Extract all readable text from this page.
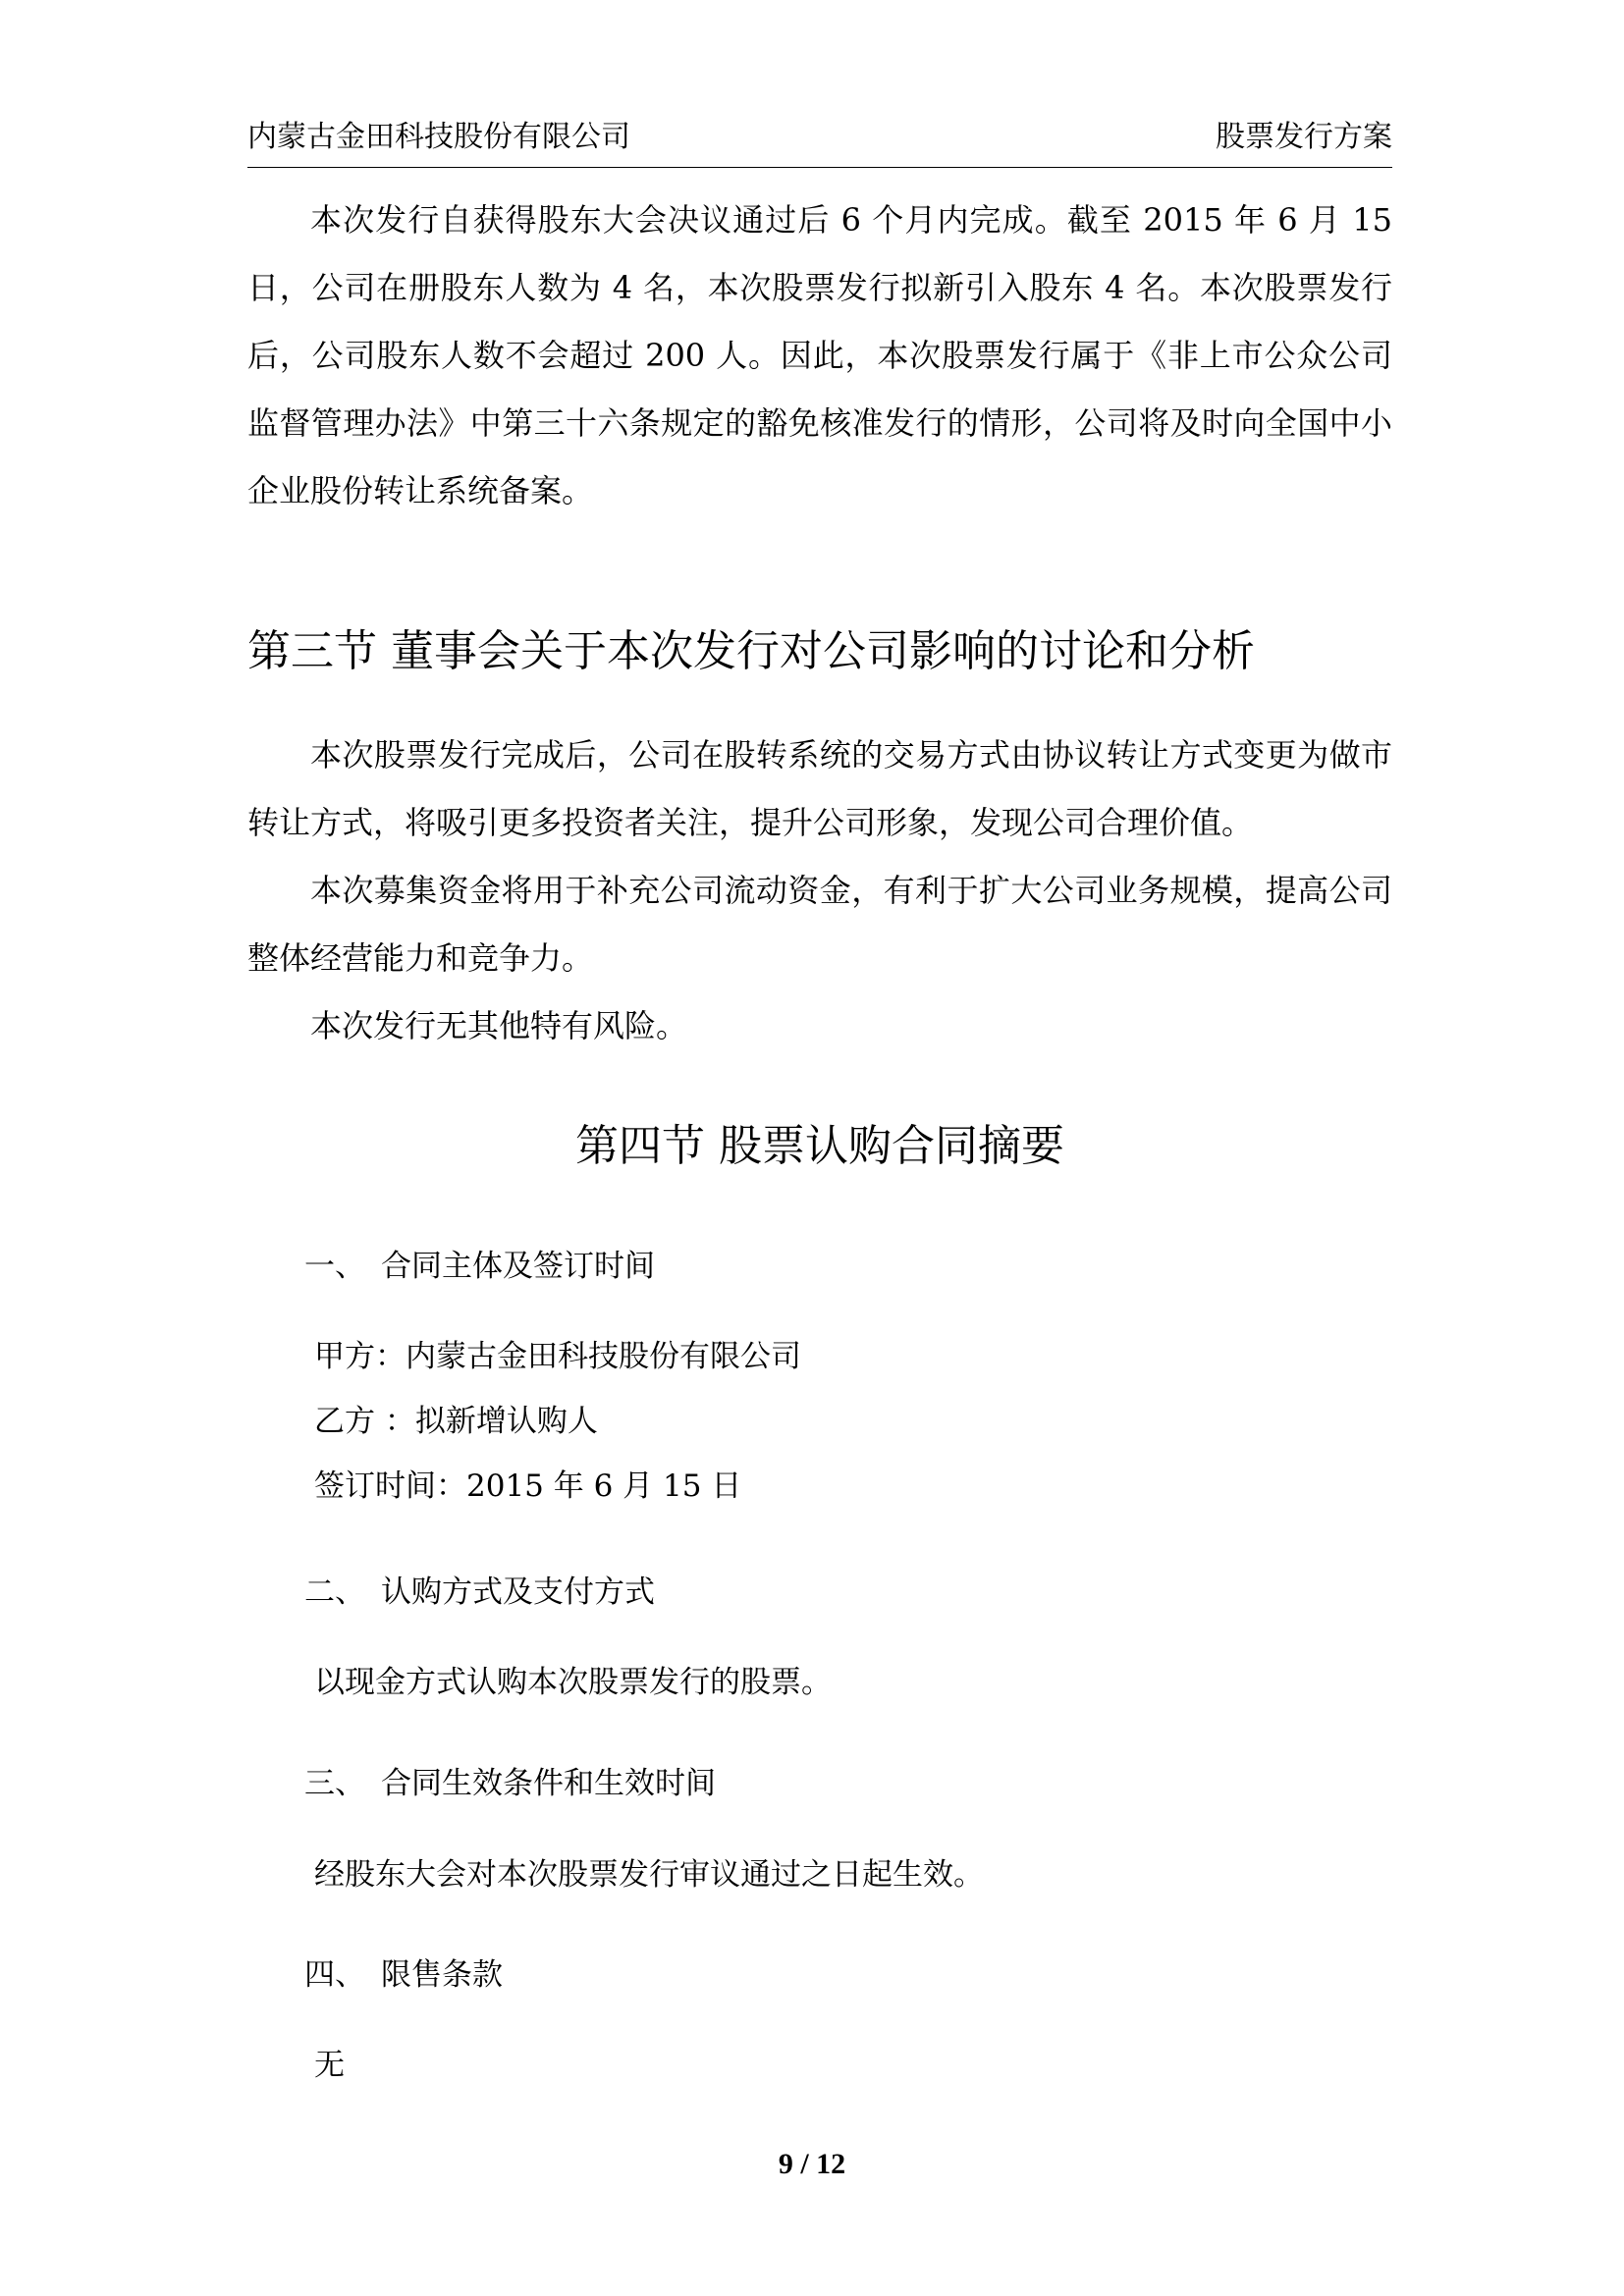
内蒙古金田科技股份有限公司	股票发行方案

本次发行自获得股东大会决议通过后 6 个月内完成。截至 2015 年 6 月 15 日，公司在册股东人数为 4 名，本次股票发行拟新引入股东 4 名。本次股票发行后，公司股东人数不会超过 200 人。因此，本次股票发行属于《非上市公众公司监督管理办法》中第三十六条规定的豁免核准发行的情形，公司将及时向全国中小企业股份转让系统备案。

第三节 董事会关于本次发行对公司影响的讨论和分析

本次股票发行完成后，公司在股转系统的交易方式由协议转让方式变更为做市转让方式，将吸引更多投资者关注，提升公司形象，发现公司合理价值。

本次募集资金将用于补充公司流动资金，有利于扩大公司业务规模，提高公司整体经营能力和竞争力。

本次发行无其他特有风险。

第四节 股票认购合同摘要
一、 合同主体及签订时间
甲方：内蒙古金田科技股份有限公司
乙方 ：拟新增认购人
签订时间：2015 年 6 月 15 日
二、 认购方式及支付方式
以现金方式认购本次股票发行的股票。
三、 合同生效条件和生效时间
经股东大会对本次股票发行审议通过之日起生效。
四、 限售条款
无
9 / 12
